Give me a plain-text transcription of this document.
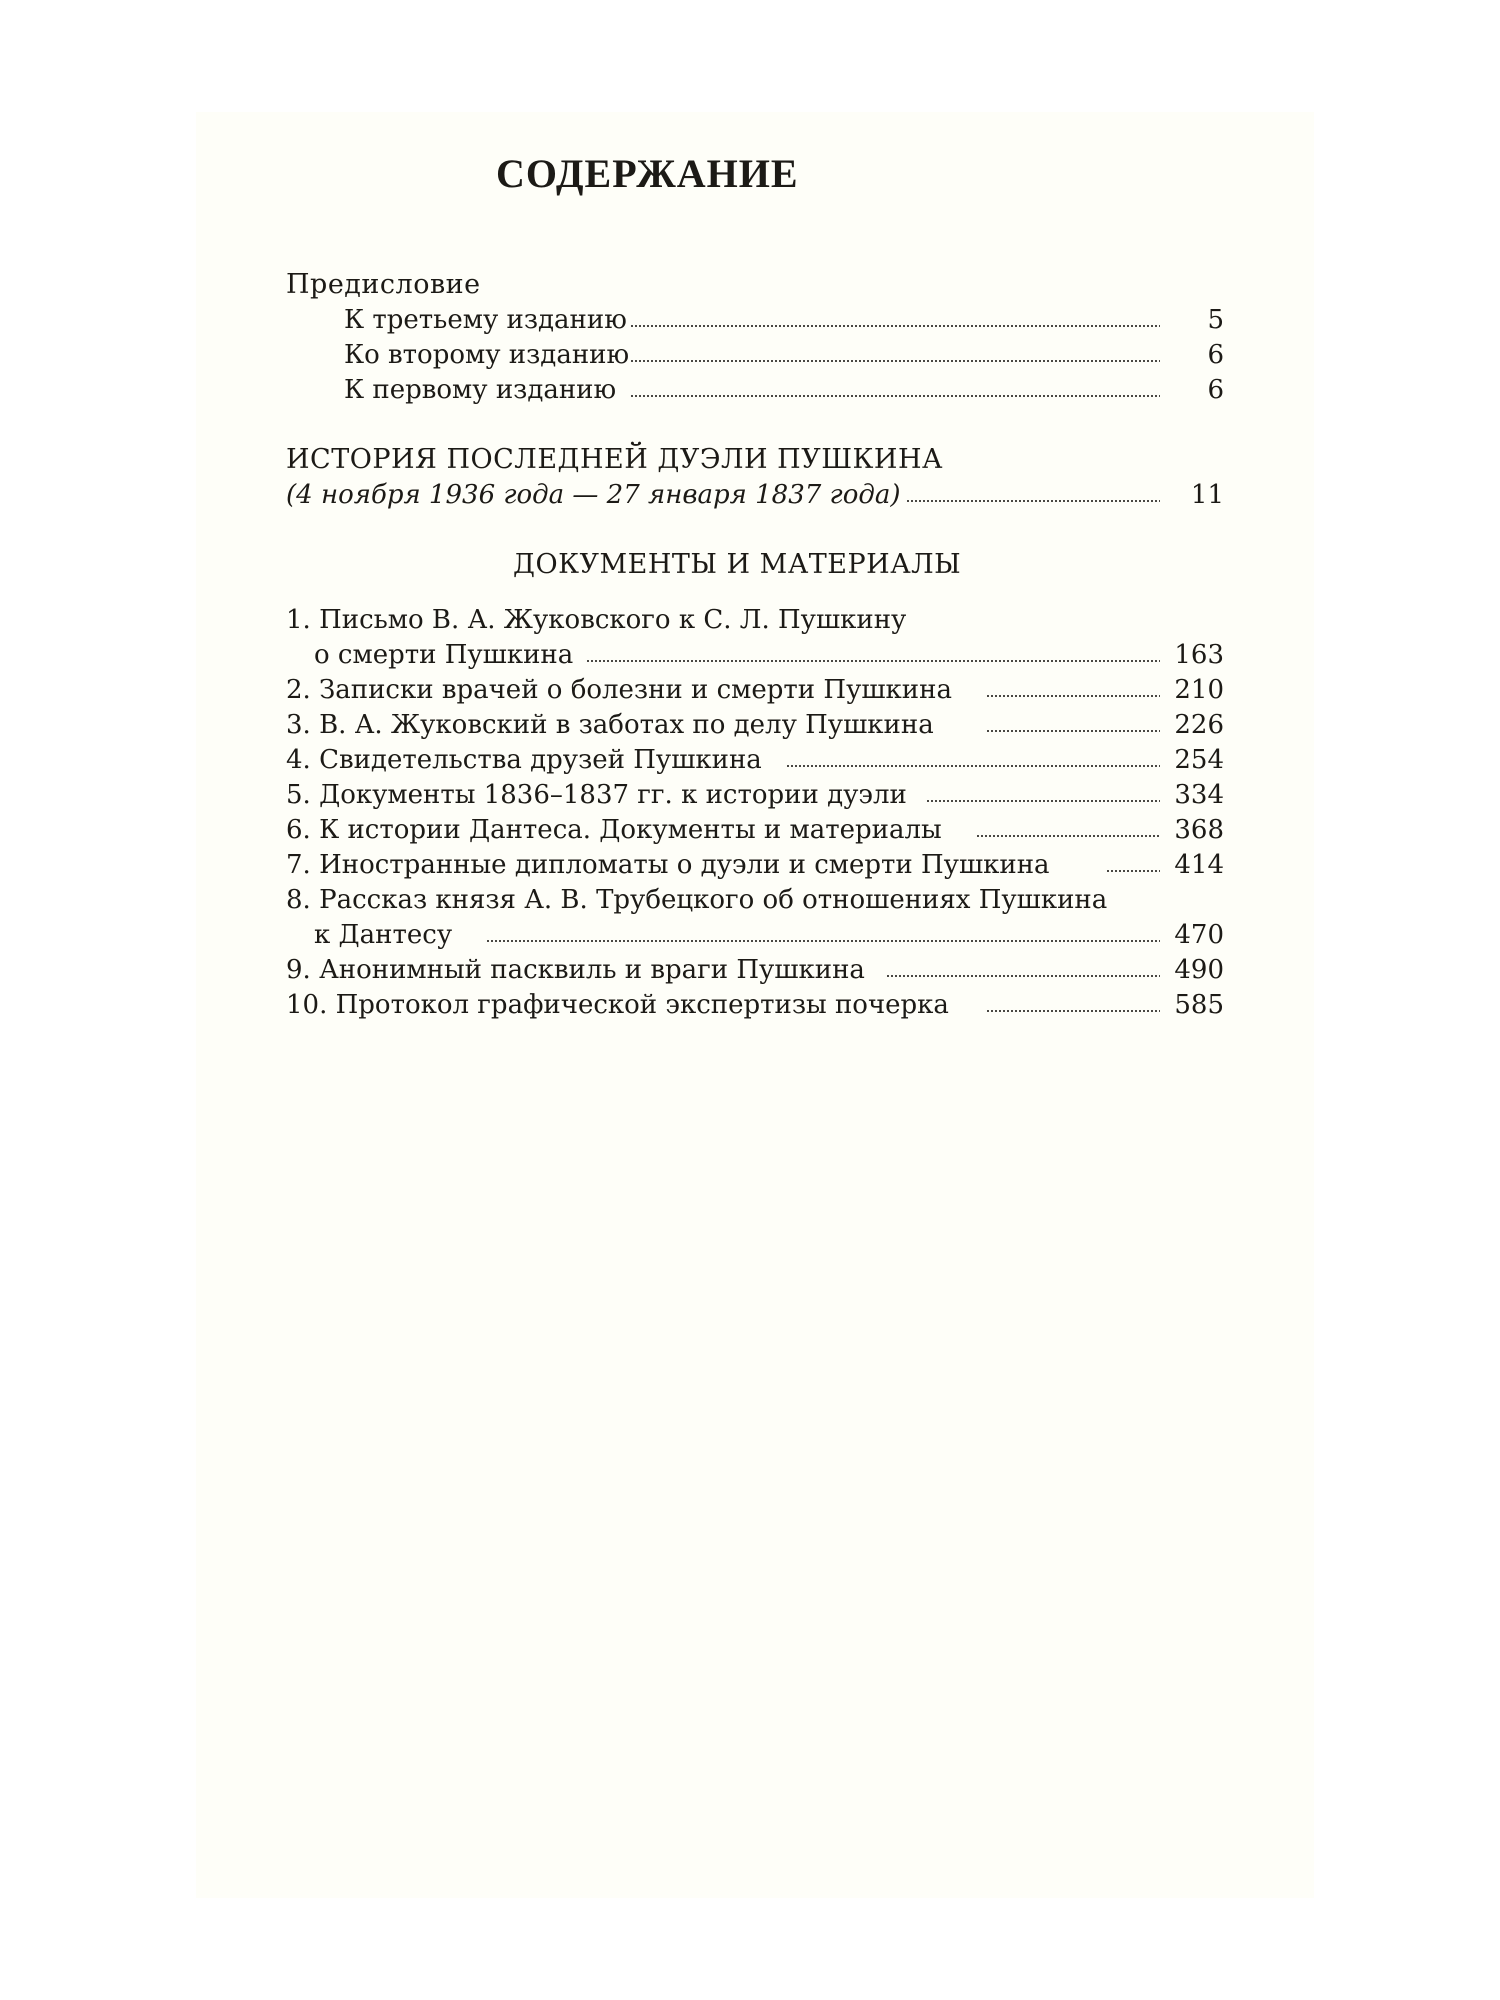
СОДЕРЖАНИЕ
Предисловие
К третьему изданию	5
Ко второму изданию	6
К первому изданию	6
ИСТОРИЯ ПОСЛЕДНЕЙ ДУЭЛИ ПУШКИНА
(4 ноября 1936 года — 27 января 1837 года)	11
ДОКУМЕНТЫ И МАТЕРИАЛЫ
1. Письмо В. А. Жуковского к С. Л. Пушкину
о смерти Пушкина	163
2. Записки врачей о болезни и смерти Пушкина	210
3. В. А. Жуковский в заботах по делу Пушкина	226
4. Свидетельства друзей Пушкина	254
5. Документы 1836–1837 гг. к истории дуэли	334
6. К истории Дантеса. Документы и материалы	368
7. Иностранные дипломаты о дуэли и смерти Пушкина	414
8. Рассказ князя А. В. Трубецкого об отношениях Пушкина
к Дантесу	470
9. Анонимный пасквиль и враги Пушкина	490
10. Протокол графической экспертизы почерка	585
